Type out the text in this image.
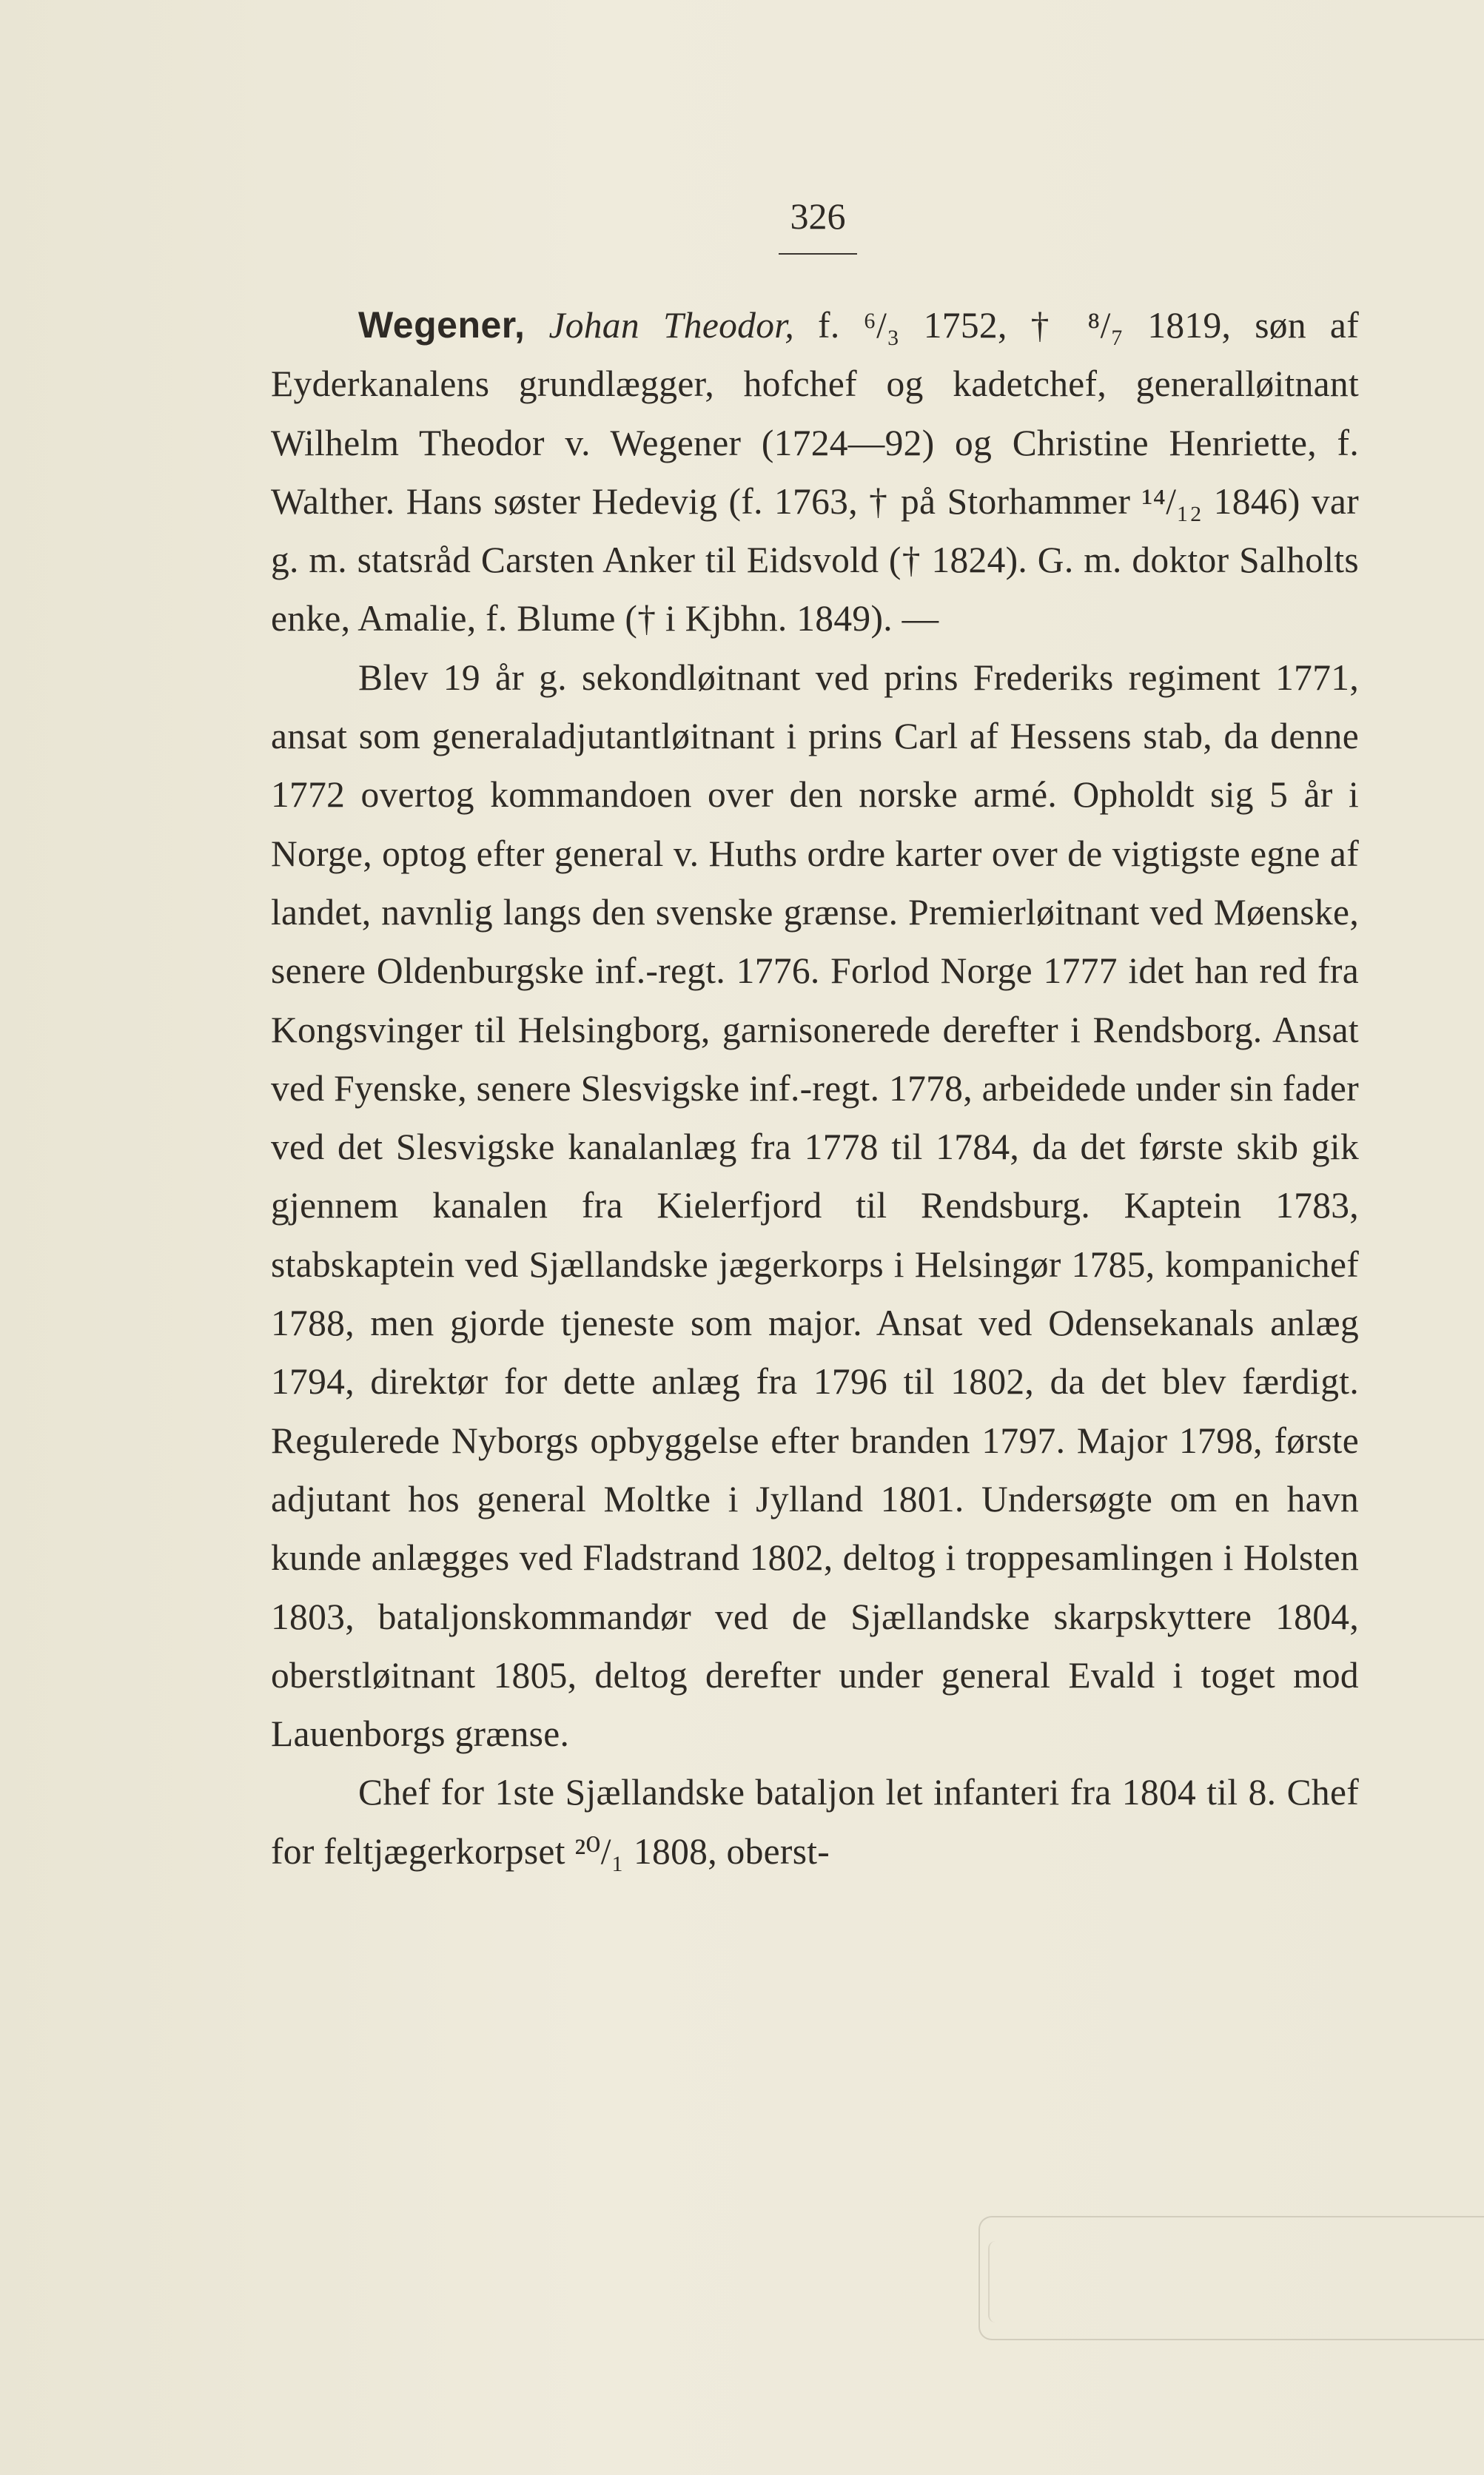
326

Wegener, Johan Theodor, f. ⁶/₃ 1752, † ⁸/₇ 1819, søn af Eyderkanalens grundlægger, hofchef og kadetchef, generalløitnant Wilhelm Theodor v. Wegener (1724—92) og Christine Henriette, f. Walther. Hans søster Hedevig (f. 1763, † på Storhammer ¹⁴/₁₂ 1846) var g. m. statsråd Carsten Anker til Eidsvold († 1824). G. m. doktor Salholts enke, Amalie, f. Blume († i Kjbhn. 1849). —

Blev 19 år g. sekondløitnant ved prins Frederiks regiment 1771, ansat som generaladjutantløitnant i prins Carl af Hessens stab, da denne 1772 overtog kommandoen over den norske armé. Opholdt sig 5 år i Norge, optog efter general v. Huths ordre karter over de vigtigste egne af landet, navnlig langs den svenske grænse. Premierløitnant ved Møenske, senere Oldenburgske inf.-regt. 1776. Forlod Norge 1777 idet han red fra Kongsvinger til Helsingborg, garnisonerede derefter i Rendsborg. Ansat ved Fyenske, senere Slesvigske inf.-regt. 1778, arbeidede under sin fader ved det Slesvigske kanalanlæg fra 1778 til 1784, da det første skib gik gjennem kanalen fra Kielerfjord til Rendsburg. Kaptein 1783, stabskaptein ved Sjællandske jægerkorps i Helsingør 1785, kompanichef 1788, men gjorde tjeneste som major. Ansat ved Odensekanals anlæg 1794, direktør for dette anlæg fra 1796 til 1802, da det blev færdigt. Regulerede Nyborgs opbyggelse efter branden 1797. Major 1798, første adjutant hos general Moltke i Jylland 1801. Undersøgte om en havn kunde anlægges ved Fladstrand 1802, deltog i troppesamlingen i Holsten 1803, bataljonskommandør ved de Sjællandske skarpskyttere 1804, oberstløitnant 1805, deltog derefter under general Evald i toget mod Lauenborgs grænse.

Chef for 1ste Sjællandske bataljon let infanteri fra 1804 til 8. Chef for feltjægerkorpset ²⁰/₁ 1808, oberst-
